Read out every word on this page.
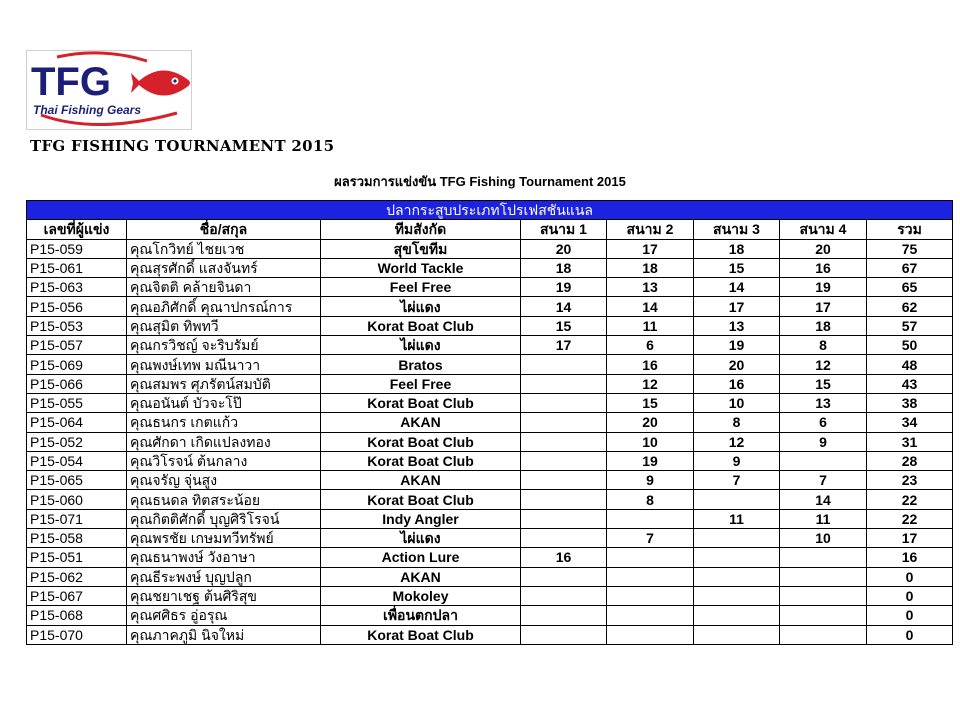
TFG
Thai Fishing Gears
TFG FISHING TOURNAMENT 2015
ผลรวมการแข่งขัน TFG Fishing Tournament 2015
ปลากระสูบประเภทโปรเฟสชันแนล							
เลขที่ผู้แข่ง	ชื่อ/สกุล	ทีมสังกัด	สนาม 1	สนาม 2	สนาม 3	สนาม 4	รวม
P15-059	คุณโกวิทย์ ไชยเวช	สุขโขทีม	20	17	18	20	75
P15-061	คุณสุรศักดิ์ แสงจันทร์	World Tackle	18	18	15	16	67
P15-063	คุณจิตติ คล้ายจินดา	Feel Free	19	13	14	19	65
P15-056	คุณอภิศักดิ์ คุณาปกรณ์การ	ไผ่แดง	14	14	17	17	62
P15-053	คุณสุมิต ทิพทวี	Korat Boat Club	15	11	13	18	57
P15-057	คุณกรวิชญ์ จะริบรัมย์	ไผ่แดง	17	6	19	8	50
P15-069	คุณพงษ์เทพ มณีนาวา	Bratos		16	20	12	48
P15-066	คุณสมพร ศุภรัตน์สมบัติ	Feel Free		12	16	15	43
P15-055	คุณอนันต์ บัวจะโป๊	Korat Boat Club		15	10	13	38
P15-064	คุณธนกร เกตแก้ว	AKAN		20	8	6	34
P15-052	คุณศักดา เกิดแปลงทอง	Korat Boat Club		10	12	9	31
P15-054	คุณวิโรจน์ ต้นกลาง	Korat Boat Club		19	9		28
P15-065	คุณจรัญ จุ่นสูง	AKAN		9	7	7	23
P15-060	คุณธนดล ทิตสระน้อย	Korat Boat Club		8		14	22
P15-071	คุณกิตติศักดิ์ บุญศิริโรจน์	Indy Angler			11	11	22
P15-058	คุณพรชัย เกษมทวีทรัพย์	ไผ่แดง		7		10	17
P15-051	คุณธนาพงษ์ วังอาษา	Action Lure	16				16
P15-062	คุณธีระพงษ์ บุญปลูก	AKAN					0
P15-067	คุณชยาเชฐ ต้นศิริสุข	Mokoley					0
P15-068	คุณศศิธร อู่อรุณ	เพื่อนตกปลา					0
P15-070	คุณภาคภูมิ นิจใหม่	Korat Boat Club					0
